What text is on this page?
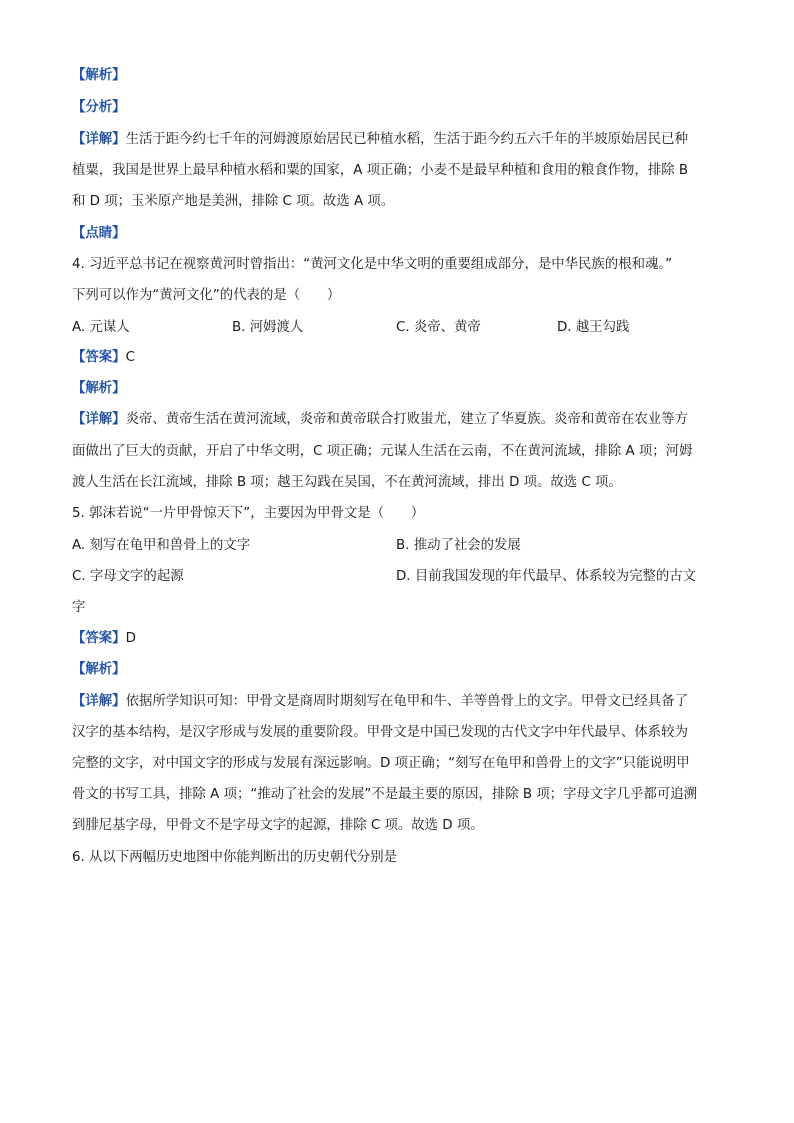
【解析】
【分析】
【详解】生活于距今约七千年的河姆渡原始居民已种植水稻，生活于距今约五六千年的半坡原始居民已种
植粟，我国是世界上最早种植水稻和粟的国家，A 项正确；小麦不是最早种植和食用的粮食作物，排除 B
和 D 项；玉米原产地是美洲，排除 C 项。故选 A 项。
【点睛】
4. 习近平总书记在视察黄河时曾指出：“黄河文化是中华文明的重要组成部分，是中华民族的根和魂。”
下列可以作为“黄河文化”的代表的是（　　）
A. 元谋人	B. 河姆渡人	C. 炎帝、黄帝	D. 越王勾践
【答案】C
【解析】
【详解】炎帝、黄帝生活在黄河流域，炎帝和黄帝联合打败蚩尤，建立了华夏族。炎帝和黄帝在农业等方
面做出了巨大的贡献，开启了中华文明，C 项正确；元谋人生活在云南，不在黄河流域，排除 A 项；河姆
渡人生活在长江流域，排除 B 项；越王勾践在吴国，不在黄河流域，排出 D 项。故选 C 项。
5. 郭沫若说“一片甲骨惊天下”，主要因为甲骨文是（　　）
A. 刻写在龟甲和兽骨上的文字	B. 推动了社会的发展
C. 字母文字的起源	D. 目前我国发现的年代最早、体系较为完整的古文
字
【答案】D
【解析】
【详解】依据所学知识可知：甲骨文是商周时期刻写在龟甲和牛、羊等兽骨上的文字。甲骨文已经具备了
汉字的基本结构，是汉字形成与发展的重要阶段。甲骨文是中国已发现的古代文字中年代最早、体系较为
完整的文字，对中国文字的形成与发展有深远影响。D 项正确；“刻写在龟甲和兽骨上的文字”只能说明甲
骨文的书写工具，排除 A 项；“推动了社会的发展”不是最主要的原因，排除 B 项；字母文字几乎都可追溯
到腓尼基字母，甲骨文不是字母文字的起源，排除 C 项。故选 D 项。
6. 从以下两幅历史地图中你能判断出的历史朝代分别是
